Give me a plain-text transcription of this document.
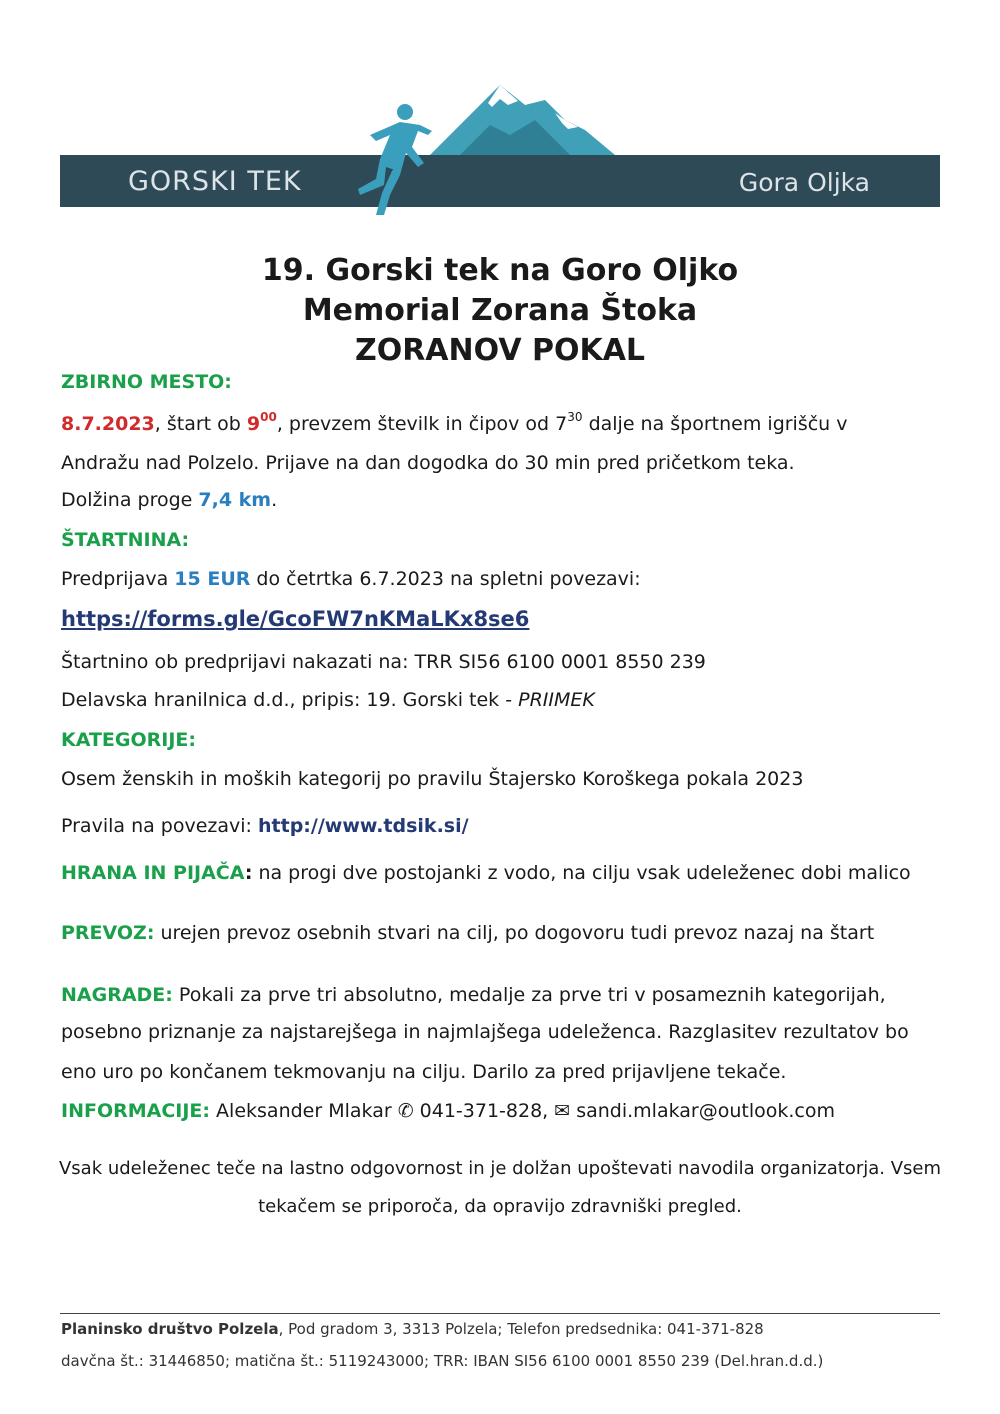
GORSKI TEK	Gora Oljka
19. Gorski tek na Goro Oljko
Memorial Zorana Štoka
ZORANOV POKAL
ZBIRNO MESTO:
8.7.2023, štart ob $9^{00}$, prevzem številk in čipov od $7^{30}$ dalje na športnem igrišču v
Andražu nad Polzelo. Prijave na dan dogodka do 30 min pred pričetkom teka.
Dolžina proge 7,4 km.
ŠTARTNINA:
Predprijava 15 EUR do četrtka 6.7.2023 na spletni povezavi:
https://forms.gle/GcoFW7nKMaLKx8se6
Štartnino ob predprijavi nakazati na: TRR SI56 6100 0001 8550 239
Delavska hranilnica d.d., pripis: 19. Gorski tek - PRIIMEK
KATEGORIJE:
Osem ženskih in moških kategorij po pravilu Štajersko Koroškega pokala 2023
Pravila na povezavi: http://www.tdsik.si/
HRANA IN PIJAČA: na progi dve postojanki z vodo, na cilju vsak udeleženec dobi malico
PREVOZ: urejen prevoz osebnih stvari na cilj, po dogovoru tudi prevoz nazaj na štart
NAGRADE: Pokali za prve tri absolutno, medalje za prve tri v posameznih kategorijah,
posebno priznanje za najstarejšega in najmlajšega udeleženca. Razglasitev rezultatov bo
eno uro po končanem tekmovanju na cilju. Darilo za pred prijavljene tekače.
INFORMACIJE: Aleksander Mlakar ✆ 041-371-828, ✉ sandi.mlakar@outlook.com
Vsak udeleženec teče na lastno odgovornost in je dolžan upoštevati navodila organizatorja. Vsem
tekačem se priporoča, da opravijo zdravniški pregled.
Planinsko društvo Polzela, Pod gradom 3, 3313 Polzela; Telefon predsednika: 041-371-828
davčna št.: 31446850; matična št.: 5119243000; TRR: IBAN SI56 6100 0001 8550 239 (Del.hran.d.d.)
